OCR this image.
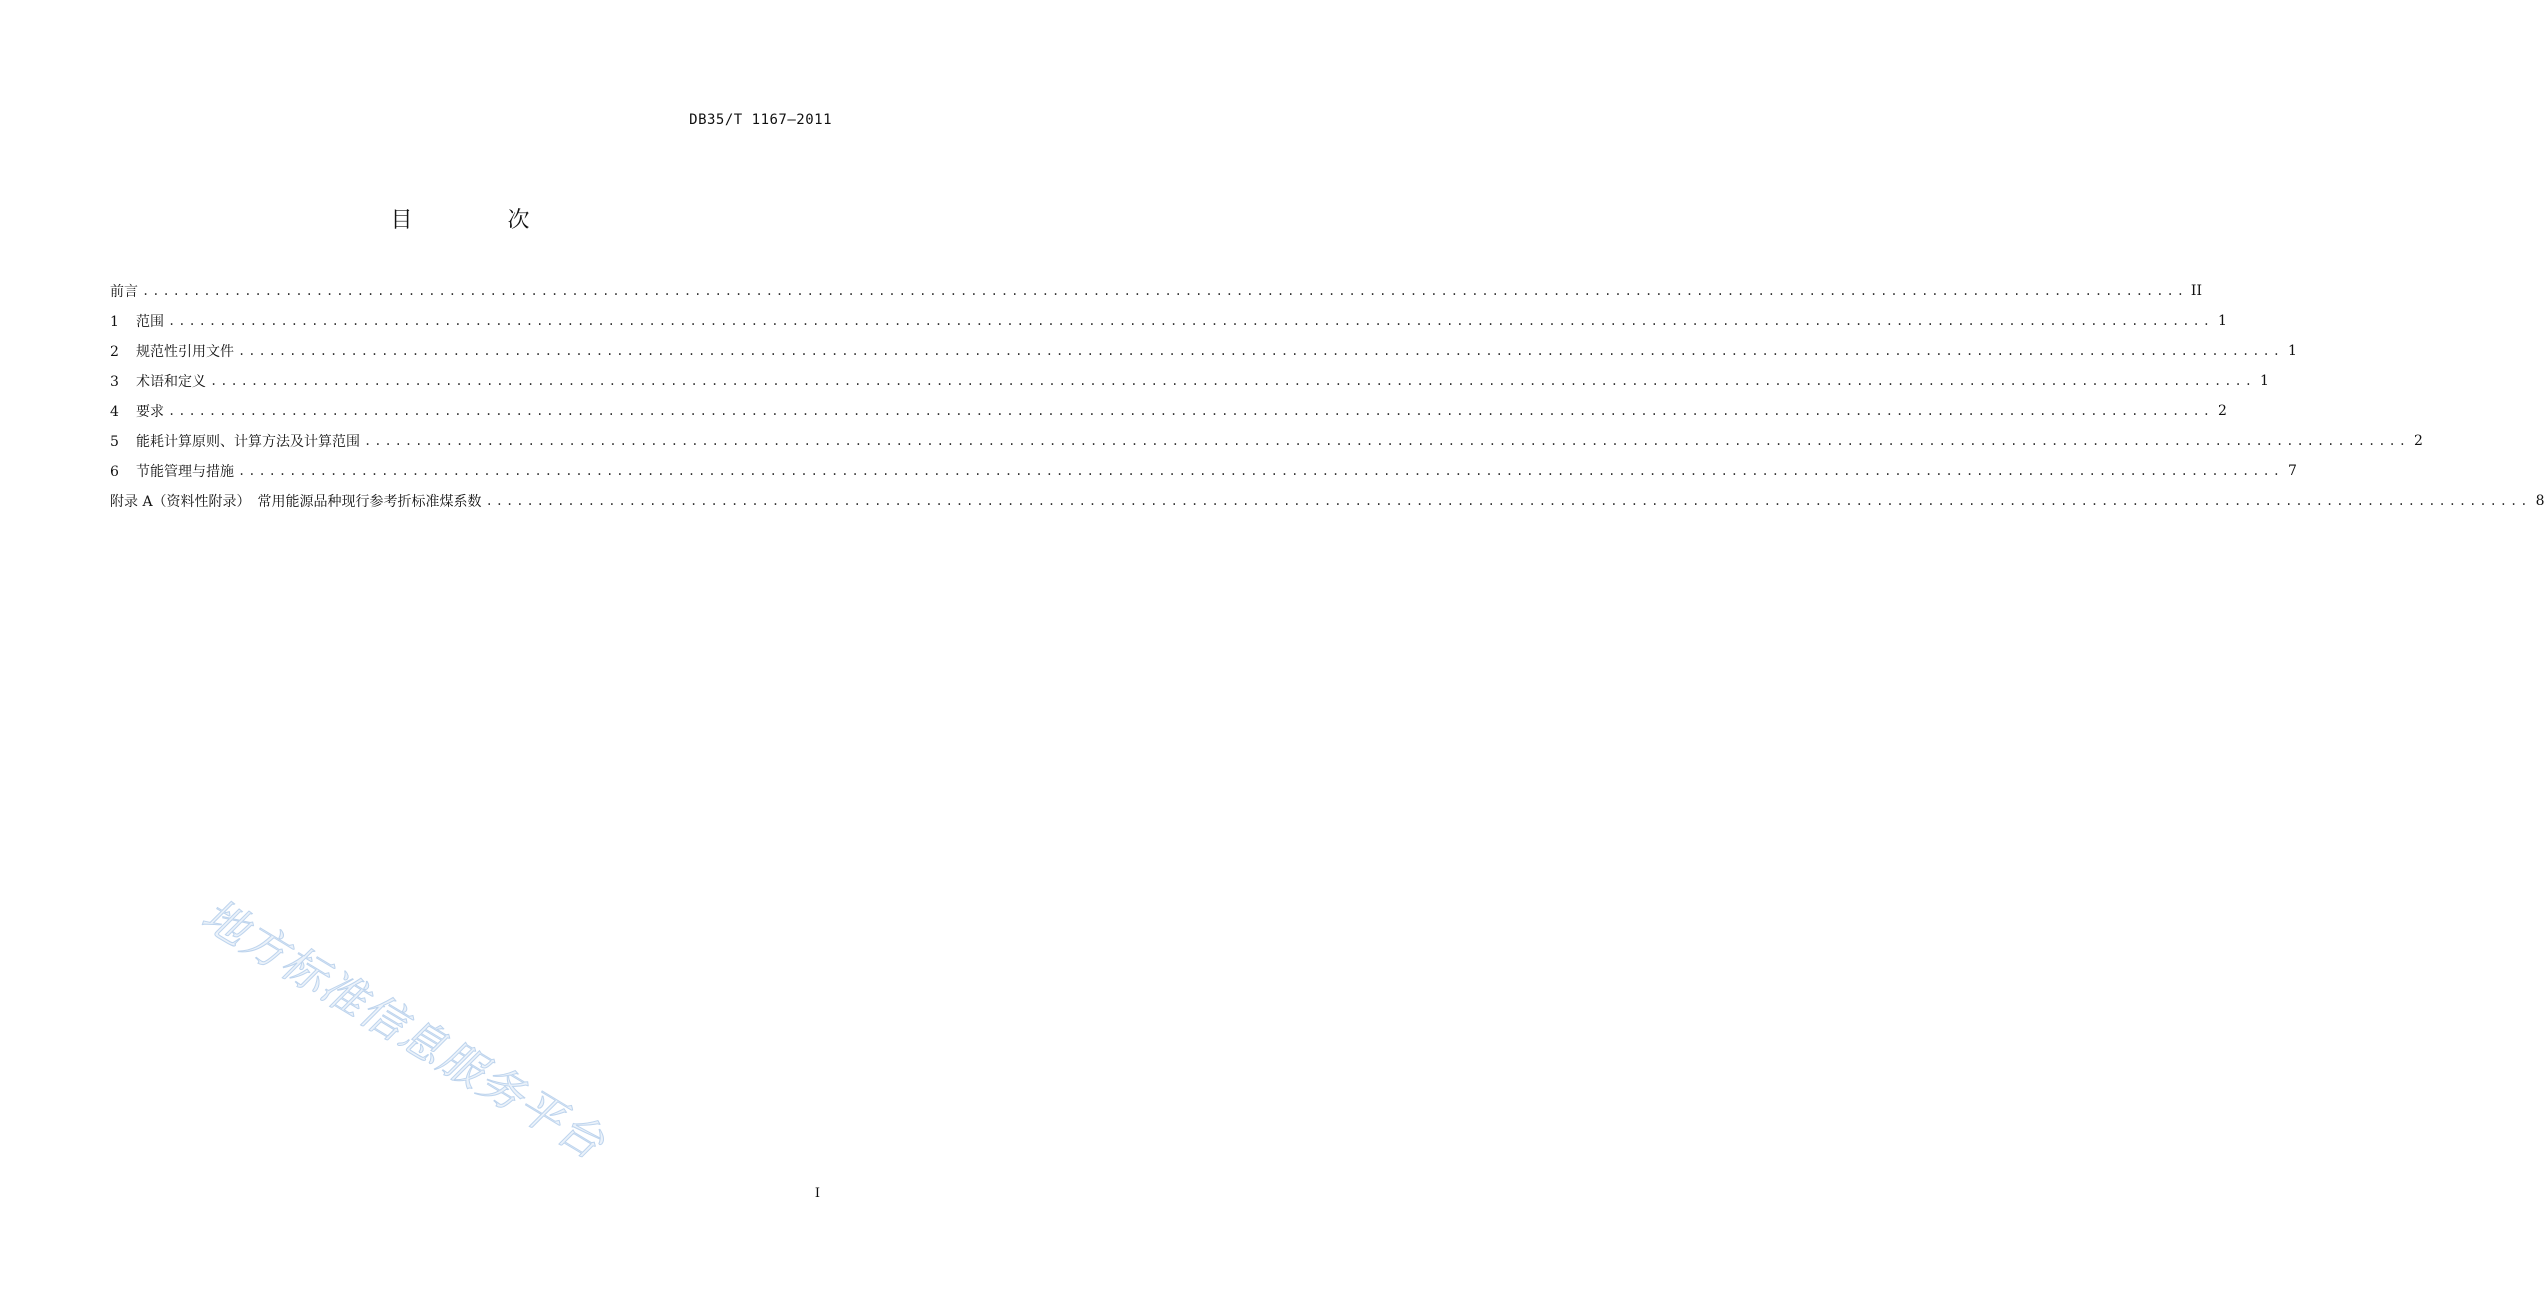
DB35/T 1167—2011
目 次
前言 ........................................................................................................................................................................................................ II
1 范围 ........................................................................................................................................................................................................ 1
2 规范性引用文件 ........................................................................................................................................................................................................ 1
3 术语和定义 ........................................................................................................................................................................................................ 1
4 要求 ........................................................................................................................................................................................................ 2
5 能耗计算原则、计算方法及计算范围 ........................................................................................................................................................................................................ 2
6 节能管理与措施 ........................................................................................................................................................................................................ 7
附录 A（资料性附录）　常用能源品种现行参考折标准煤系数 ........................................................................................................................................................................................................ 8
地方标准信息服务平台
I
